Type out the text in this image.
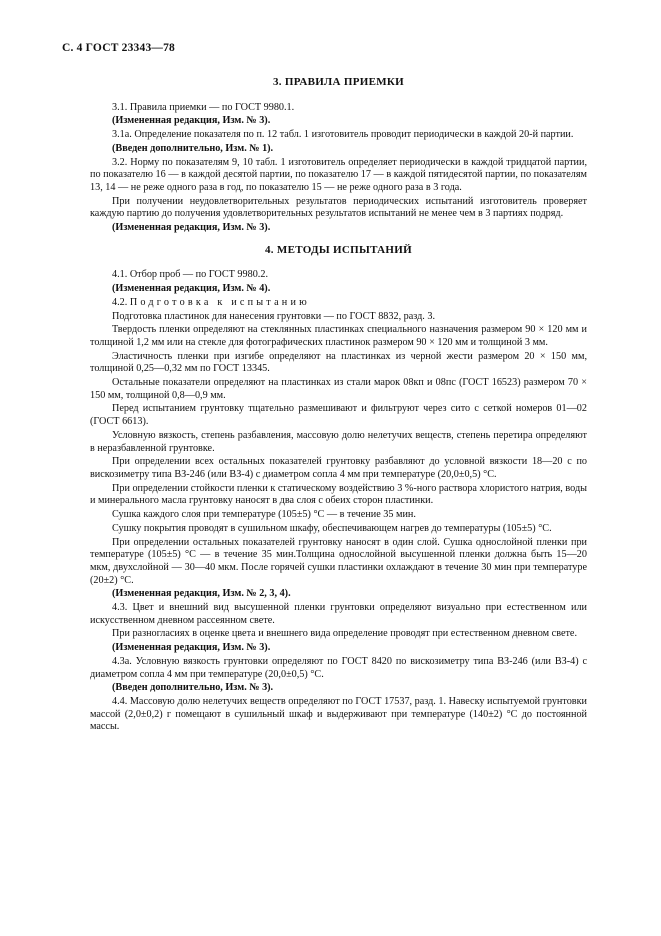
С. 4 ГОСТ 23343—78
3. ПРАВИЛА ПРИЕМКИ

3.1. Правила приемки — по ГОСТ 9980.1.

(Измененная редакция, Изм. № 3).

3.1а. Определение показателя по п. 12 табл. 1 изготовитель проводит периодически в каждой 20-й партии.

(Введен дополнительно, Изм. № 1).

3.2. Норму по показателям 9, 10 табл. 1 изготовитель определяет периодически в каждой тридцатой партии, по показателю 16 — в каждой десятой партии, по показателю 17 — в каждой пятидесятой партии, по показателям 13, 14 — не реже одного раза в год, по показателю 15 — не реже одного раза в 3 года.

При получении неудовлетворительных результатов периодических испытаний изготовитель проверяет каждую партию до получения удовлетворительных результатов испытаний не менее чем в 3 партиях подряд.

(Измененная редакция, Изм. № 3).

4. МЕТОДЫ ИСПЫТАНИЙ

4.1. Отбор проб — по ГОСТ 9980.2.

(Измененная редакция, Изм. № 4).

4.2. Подготовка к испытанию

Подготовка пластинок для нанесения грунтовки — по ГОСТ 8832, разд. 3.

Твердость пленки определяют на стеклянных пластинках специального назначения размером 90 × 120 мм и толщиной 1,2 мм или на стекле для фотографических пластинок размером 90 × 120 мм и толщиной 3 мм.

Эластичность пленки при изгибе определяют на пластинках из черной жести размером 20 × 150 мм, толщиной 0,25—0,32 мм по ГОСТ 13345.

Остальные показатели определяют на пластинках из стали марок 08кп и 08пс (ГОСТ 16523) размером 70 × 150 мм, толщиной 0,8—0,9 мм.

Перед испытанием грунтовку тщательно размешивают и фильтруют через сито с сеткой номеров 01—02 (ГОСТ 6613).

Условную вязкость, степень разбавления, массовую долю нелетучих веществ, степень перетира определяют в неразбавленной грунтовке.

При определении всех остальных показателей грунтовку разбавляют до условной вязкости 18—20 с по вискозиметру типа ВЗ-246 (или ВЗ-4) с диаметром сопла 4 мм при температуре (20,0±0,5) °С.

При определении стойкости пленки к статическому воздействию 3 %-ного раствора хлористого натрия, воды и минерального масла грунтовку наносят в два слоя с обеих сторон пластинки.

Сушка каждого слоя при температуре (105±5) °С — в течение 35 мин.

Сушку покрытия проводят в сушильном шкафу, обеспечивающем нагрев до температуры (105±5) °С.

При определении остальных показателей грунтовку наносят в один слой. Сушка однослойной пленки при температуре (105±5) °С — в течение 35 мин.Толщина однослойной высушенной пленки должна быть 15—20 мкм, двухслойной — 30—40 мкм. После горячей сушки пластинки охлаждают в течение 30 мин при температуре (20±2) °С.

(Измененная редакция, Изм. № 2, 3, 4).

4.3. Цвет и внешний вид высушенной пленки грунтовки определяют визуально при естественном или искусственном дневном рассеянном свете.

При разногласиях в оценке цвета и внешнего вида определение проводят при естественном дневном свете.

(Измененная редакция, Изм. № 3).

4.3а. Условную вязкость грунтовки определяют по ГОСТ 8420 по вискозиметру типа ВЗ-246 (или ВЗ-4) с диаметром сопла 4 мм при температуре (20,0±0,5) °С.

(Введен дополнительно, Изм. № 3).

4.4. Массовую долю нелетучих веществ определяют по ГОСТ 17537, разд. 1. Навеску испытуемой грунтовки массой (2,0±0,2) г помещают в сушильный шкаф и выдерживают при температуре (140±2) °С до постоянной массы.
